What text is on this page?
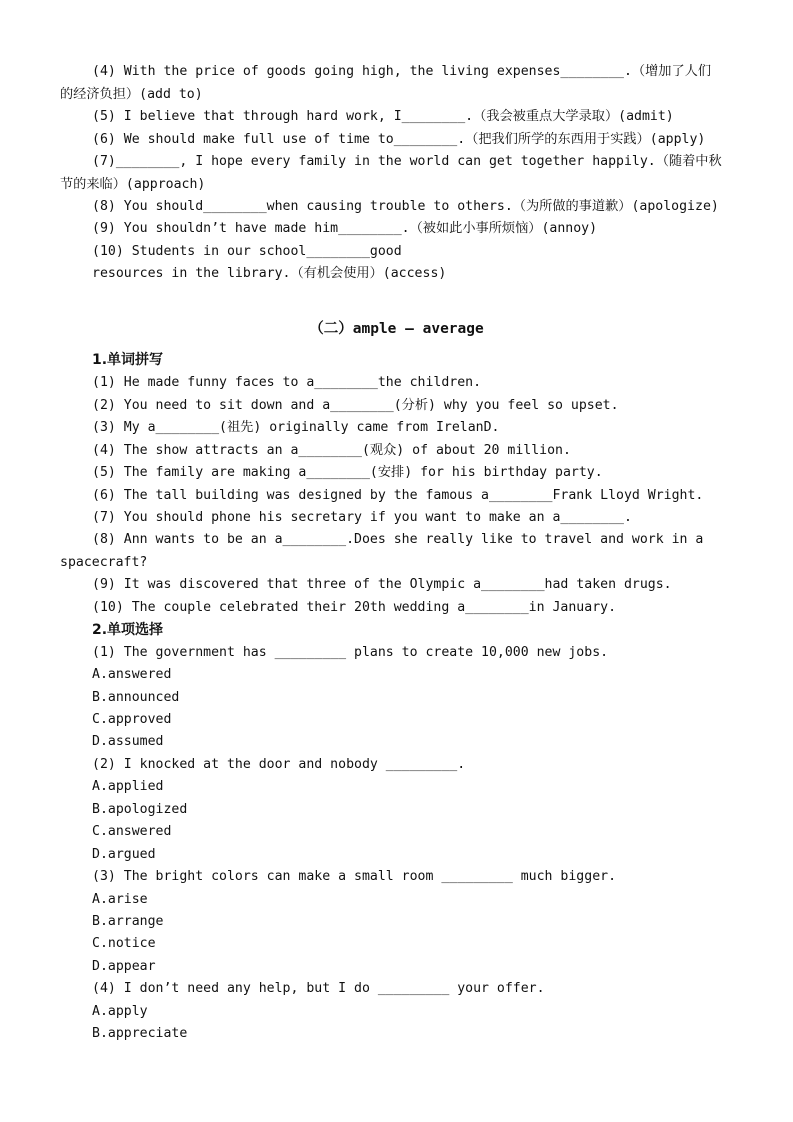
(4) With the price of goods going high, the living expenses________.（增加了人们
的经济负担）(add to)
(5) I believe that through hard work, I________.（我会被重点大学录取）(admit)
(6) We should make full use of time to________.（把我们所学的东西用于实践）(apply)
(7)________, I hope every family in the world can get together happily.（随着中秋
节的来临）(approach)
(8) You should________when causing trouble to others.（为所做的事道歉）(apologize)
(9) You shouldn’t have made him________.（被如此小事所烦恼）(annoy)
(10) Students in our school________good
resources in the library.（有机会使用）(access)
（二）ample — average
1.单词拼写
(1) He made funny faces to a________the children.
(2) You need to sit down and a________(分析) why you feel so upset.
(3) My a________(祖先) originally came from IrelanD.
(4) The show attracts an a________(观众) of about 20 million.
(5) The family are making a________(安排) for his birthday party.
(6) The tall building was designed by the famous a________Frank Lloyd Wright.
(7) You should phone his secretary if you want to make an a________.
(8) Ann wants to be an a________.Does she really like to travel and work in a
spacecraft?
(9) It was discovered that three of the Olympic a________had taken drugs.
(10) The couple celebrated their 20th wedding a________in January.
2.单项选择
(1) The government has _________ plans to create 10,000 new jobs.
A.answered
B.announced
C.approved
D.assumed
(2) I knocked at the door and nobody _________.
A.applied
B.apologized
C.answered
D.argued
(3) The bright colors can make a small room _________ much bigger.
A.arise
B.arrange
C.notice
D.appear
(4) I don’t need any help, but I do _________ your offer.
A.apply
B.appreciate
